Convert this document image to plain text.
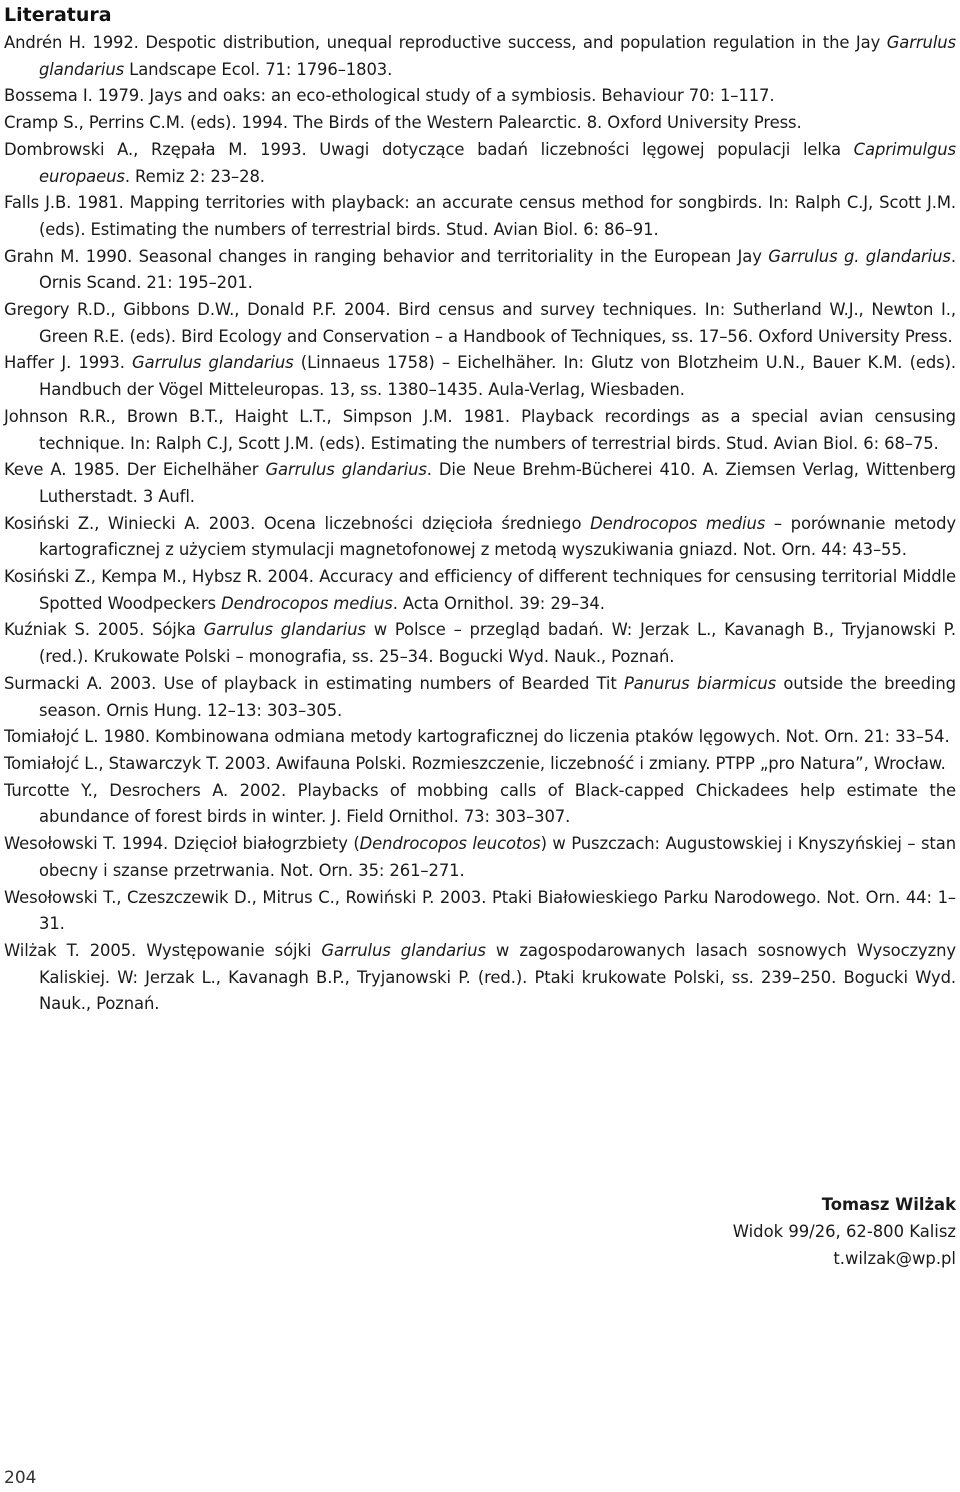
Literatura
Andrén H. 1992. Despotic distribution, unequal reproductive success, and population regulation in the Jay Garrulus glandarius Landscape Ecol. 71: 1796–1803.
Bossema I. 1979. Jays and oaks: an eco-ethological study of a symbiosis. Behaviour 70: 1–117.
Cramp S., Perrins C.M. (eds). 1994. The Birds of the Western Palearctic. 8. Oxford University Press.
Dombrowski A., Rzępała M. 1993. Uwagi dotyczące badań liczebności lęgowej populacji lelka Caprimulgus europaeus. Remiz 2: 23–28.
Falls J.B. 1981. Mapping territories with playback: an accurate census method for songbirds. In: Ralph C.J, Scott J.M. (eds). Estimating the numbers of terrestrial birds. Stud. Avian Biol. 6: 86–91.
Grahn M. 1990. Seasonal changes in ranging behavior and territoriality in the European Jay Garrulus g. glandarius. Ornis Scand. 21: 195–201.
Gregory R.D., Gibbons D.W., Donald P.F. 2004. Bird census and survey techniques. In: Sutherland W.J., Newton I., Green R.E. (eds). Bird Ecology and Conservation – a Handbook of Techniques, ss. 17–56. Oxford University Press.
Haffer J. 1993. Garrulus glandarius (Linnaeus 1758) – Eichelhäher. In: Glutz von Blotzheim U.N., Bauer K.M. (eds). Handbuch der Vögel Mitteleuropas. 13, ss. 1380–1435. Aula-Verlag, Wiesbaden.
Johnson R.R., Brown B.T., Haight L.T., Simpson J.M. 1981. Playback recordings as a special avian censusing technique. In: Ralph C.J, Scott J.M. (eds). Estimating the numbers of terrestrial birds. Stud. Avian Biol. 6: 68–75.
Keve A. 1985. Der Eichelhäher Garrulus glandarius. Die Neue Brehm-Bücherei 410. A. Ziemsen Verlag, Wittenberg Lutherstadt. 3 Aufl.
Kosiński Z., Winiecki A. 2003. Ocena liczebności dzięcioła średniego Dendrocopos medius – porównanie metody kartograficznej z użyciem stymulacji magnetofonowej z metodą wyszukiwania gniazd. Not. Orn. 44: 43–55.
Kosiński Z., Kempa M., Hybsz R. 2004. Accuracy and efficiency of different techniques for censusing territorial Middle Spotted Woodpeckers Dendrocopos medius. Acta Ornithol. 39: 29–34.
Kuźniak S. 2005. Sójka Garrulus glandarius w Polsce – przegląd badań. W: Jerzak L., Kavanagh B., Tryjanowski P. (red.). Krukowate Polski – monografia, ss. 25–34. Bogucki Wyd. Nauk., Poznań.
Surmacki A. 2003. Use of playback in estimating numbers of Bearded Tit Panurus biarmicus outside the breeding season. Ornis Hung. 12–13: 303–305.
Tomiałojć L. 1980. Kombinowana odmiana metody kartograficznej do liczenia ptaków lęgowych. Not. Orn. 21: 33–54.
Tomiałojć L., Stawarczyk T. 2003. Awifauna Polski. Rozmieszczenie, liczebność i zmiany. PTPP „pro Natura”, Wrocław.
Turcotte Y., Desrochers A. 2002. Playbacks of mobbing calls of Black-capped Chickadees help estimate the abundance of forest birds in winter. J. Field Ornithol. 73: 303–307.
Wesołowski T. 1994. Dzięcioł białogrzbiety (Dendrocopos leucotos) w Puszczach: Augustowskiej i Knyszyńskiej – stan obecny i szanse przetrwania. Not. Orn. 35: 261–271.
Wesołowski T., Czeszczewik D., Mitrus C., Rowiński P. 2003. Ptaki Białowieskiego Parku Narodowego. Not. Orn. 44: 1–31.
Wilżak T. 2005. Występowanie sójki Garrulus glandarius w zagospodarowanych lasach sosnowych Wysoczyzny Kaliskiej. W: Jerzak L., Kavanagh B.P., Tryjanowski P. (red.). Ptaki krukowate Polski, ss. 239–250. Bogucki Wyd. Nauk., Poznań.

Tomasz Wilżak

Widok 99/26, 62-800 Kalisz

t.wilzak@wp.pl

204
